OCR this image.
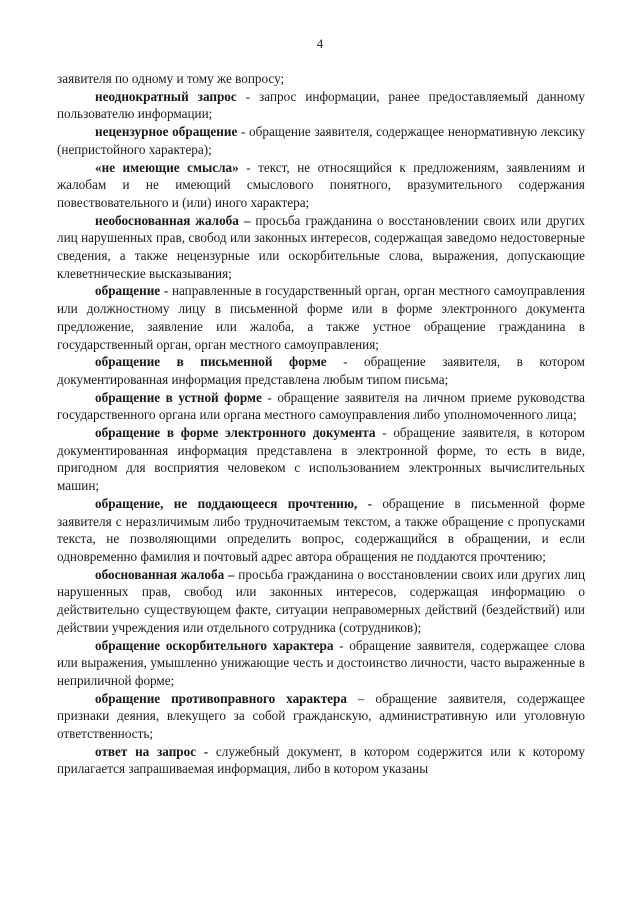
4

заявителя по одному и тому же вопросу;

неоднократный запрос - запрос информации, ранее предоставляемый данному пользователю информации;

нецензурное обращение - обращение заявителя, содержащее ненормативную лексику (непристойного характера);

«не имеющие смысла» - текст, не относящийся к предложениям, заявлениям и жалобам и не имеющий смыслового понятного, вразумительного содержания повествовательного и (или) иного характера;

необоснованная жалоба – просьба гражданина о восстановлении своих или других лиц нарушенных прав, свобод или законных интересов, содержащая заведомо недостоверные сведения, а также нецензурные или оскорбительные слова, выражения, допускающие клеветнические высказывания;

обращение - направленные в государственный орган, орган местного самоуправления или должностному лицу в письменной форме или в форме электронного документа предложение, заявление или жалоба, а также устное обращение гражданина в государственный орган, орган местного самоуправления;

обращение в письменной форме - обращение заявителя, в котором документированная информация представлена любым типом письма;

обращение в устной форме - обращение заявителя на личном приеме руководства государственного органа или органа местного самоуправления либо уполномоченного лица;

обращение в форме электронного документа - обращение заявителя, в котором документированная информация представлена в электронной форме, то есть в виде, пригодном для восприятия человеком с использованием электронных вычислительных машин;

обращение, не поддающееся прочтению, - обращение в письменной форме заявителя с неразличимым либо трудночитаемым текстом, а также обращение с пропусками текста, не позволяющими определить вопрос, содержащийся в обращении, и если одновременно фамилия и почтовый адрес автора обращения не поддаются прочтению;

обоснованная жалоба – просьба гражданина о восстановлении своих или других лиц нарушенных прав, свобод или законных интересов, содержащая информацию о действительно существующем факте, ситуации неправомерных действий (бездействий) или действии учреждения или отдельного сотрудника (сотрудников);

обращение оскорбительного характера - обращение заявителя, содержащее слова или выражения, умышленно унижающие честь и достоинство личности, часто выраженные в неприличной форме;

обращение противоправного характера – обращение заявителя, содержащее признаки деяния, влекущего за собой гражданскую, административную или уголовную ответственность;

ответ на запрос - служебный документ, в котором содержится или к которому прилагается запрашиваемая информация, либо в котором указаны
